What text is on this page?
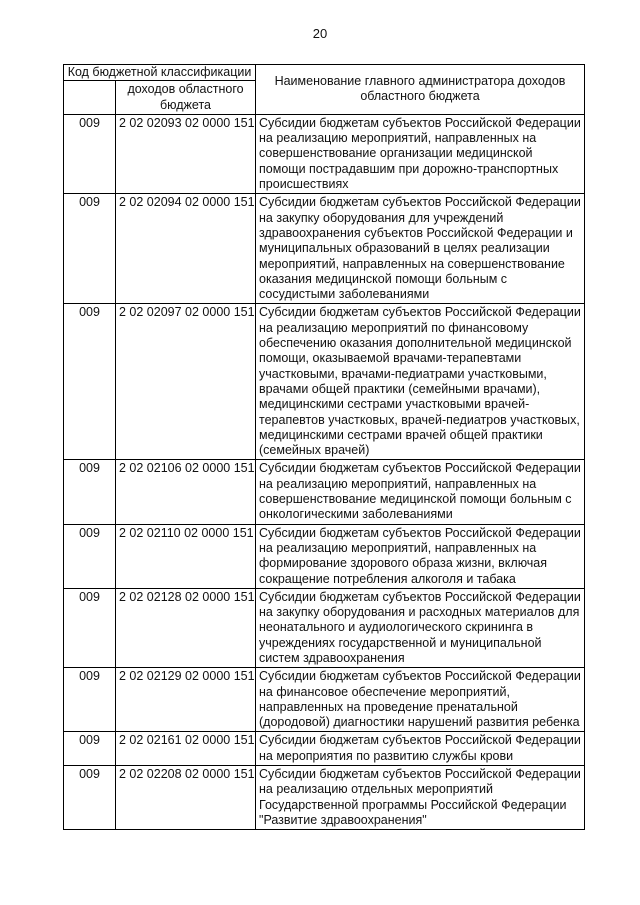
20
Код бюджетной классификации		Наименование главного администратора доходов областного бюджета
	доходов областного бюджета	
009	2 02 02093 02 0000 151	Субсидии бюджетам субъектов Российской Федерации на реализацию мероприятий, направленных на совершенствование организации медицинской помощи пострадавшим при дорожно-транспортных происшествиях
009	2 02 02094 02 0000 151	Субсидии бюджетам субъектов Российской Федерации на закупку оборудования для учреждений здравоохранения субъектов Российской Федерации и муниципальных образований в целях реализации мероприятий, направленных на совершенствование оказания медицинской помощи больным с сосудистыми заболеваниями
009	2 02 02097 02 0000 151	Субсидии бюджетам субъектов Российской Федерации на реализацию мероприятий по финансовому обеспечению оказания дополнительной медицинской помощи, оказываемой врачами-терапевтами участковыми, врачами-педиатрами участковыми, врачами общей практики (семейными врачами), медицинскими сестрами участковыми врачей-терапевтов участковых, врачей-педиатров участковых, медицинскими сестрами врачей общей практики (семейных врачей)
009	2 02 02106 02 0000 151	Субсидии бюджетам субъектов Российской Федерации на реализацию мероприятий, направленных на совершенствование медицинской помощи больным с онкологическими заболеваниями
009	2 02 02110 02 0000 151	Субсидии бюджетам субъектов Российской Федерации на реализацию мероприятий, направленных на формирование здорового образа жизни, включая сокращение потребления алкоголя и табака
009	2 02 02128 02 0000 151	Субсидии бюджетам субъектов Российской Федерации на закупку оборудования и расходных материалов для неонатального и аудиологического скрининга в учреждениях государственной и муниципальной систем здравоохранения
009	2 02 02129 02 0000 151	Субсидии бюджетам субъектов Российской Федерации на финансовое обеспечение мероприятий, направленных на проведение пренатальной (дородовой) диагностики нарушений развития ребенка
009	2 02 02161 02 0000 151	Субсидии бюджетам субъектов Российской Федерации на мероприятия по развитию службы крови
009	2 02 02208 02 0000 151	Субсидии бюджетам субъектов Российской Федерации на реализацию отдельных мероприятий Государственной программы Российской Федерации "Развитие здравоохранения"
